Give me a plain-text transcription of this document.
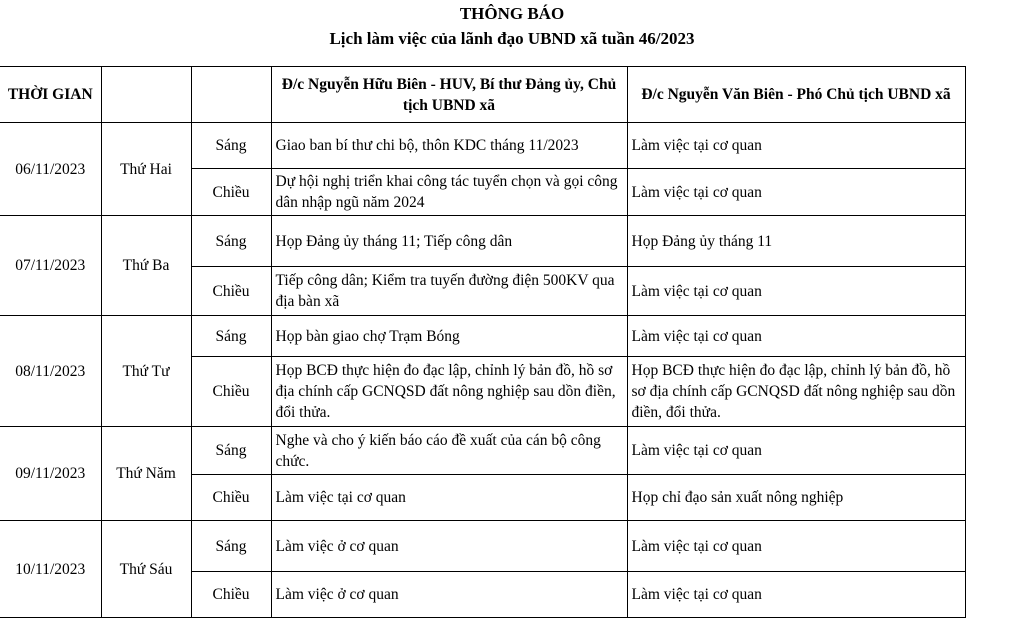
THÔNG BÁO
Lịch làm việc của lãnh đạo UBND xã tuần 46/2023
THỜI GIAN			Đ/c Nguyễn Hữu Biên - HUV, Bí thư Đảng ủy, Chủ tịch UBND xã	Đ/c Nguyễn Văn Biên - Phó Chủ tịch UBND xã
06/11/2023	Thứ Hai	Sáng	Giao ban bí thư chi bộ, thôn KDC tháng 11/2023	Làm việc tại cơ quan
		Chiều	Dự hội nghị triển khai công tác tuyển chọn và gọi công dân nhập ngũ năm 2024	Làm việc tại cơ quan
07/11/2023	Thứ Ba	Sáng	Họp Đảng ủy tháng 11; Tiếp công dân	Họp Đảng ủy tháng 11
		Chiều	Tiếp công dân; Kiểm tra tuyến đường điện 500KV qua địa bàn xã	Làm việc tại cơ quan
08/11/2023	Thứ Tư	Sáng	Họp bàn giao chợ Trạm Bóng	Làm việc tại cơ quan
		Chiều	Họp BCĐ thực hiện đo đạc lập, chỉnh lý bản đồ, hồ sơ địa chính cấp GCNQSD đất nông nghiệp sau dồn điền, đổi thửa.	Họp BCĐ thực hiện đo đạc lập, chỉnh lý bản đồ, hồ sơ địa chính cấp GCNQSD đất nông nghiệp sau dồn điền, đổi thửa.
09/11/2023	Thứ Năm	Sáng	Nghe và cho ý kiến báo cáo đề xuất của cán bộ công chức.	Làm việc tại cơ quan
		Chiều	Làm việc tại cơ quan	Họp chỉ đạo sản xuất nông nghiệp
10/11/2023	Thứ Sáu	Sáng	Làm việc ở cơ quan	Làm việc tại cơ quan
		Chiều	Làm việc ở cơ quan	Làm việc tại cơ quan
